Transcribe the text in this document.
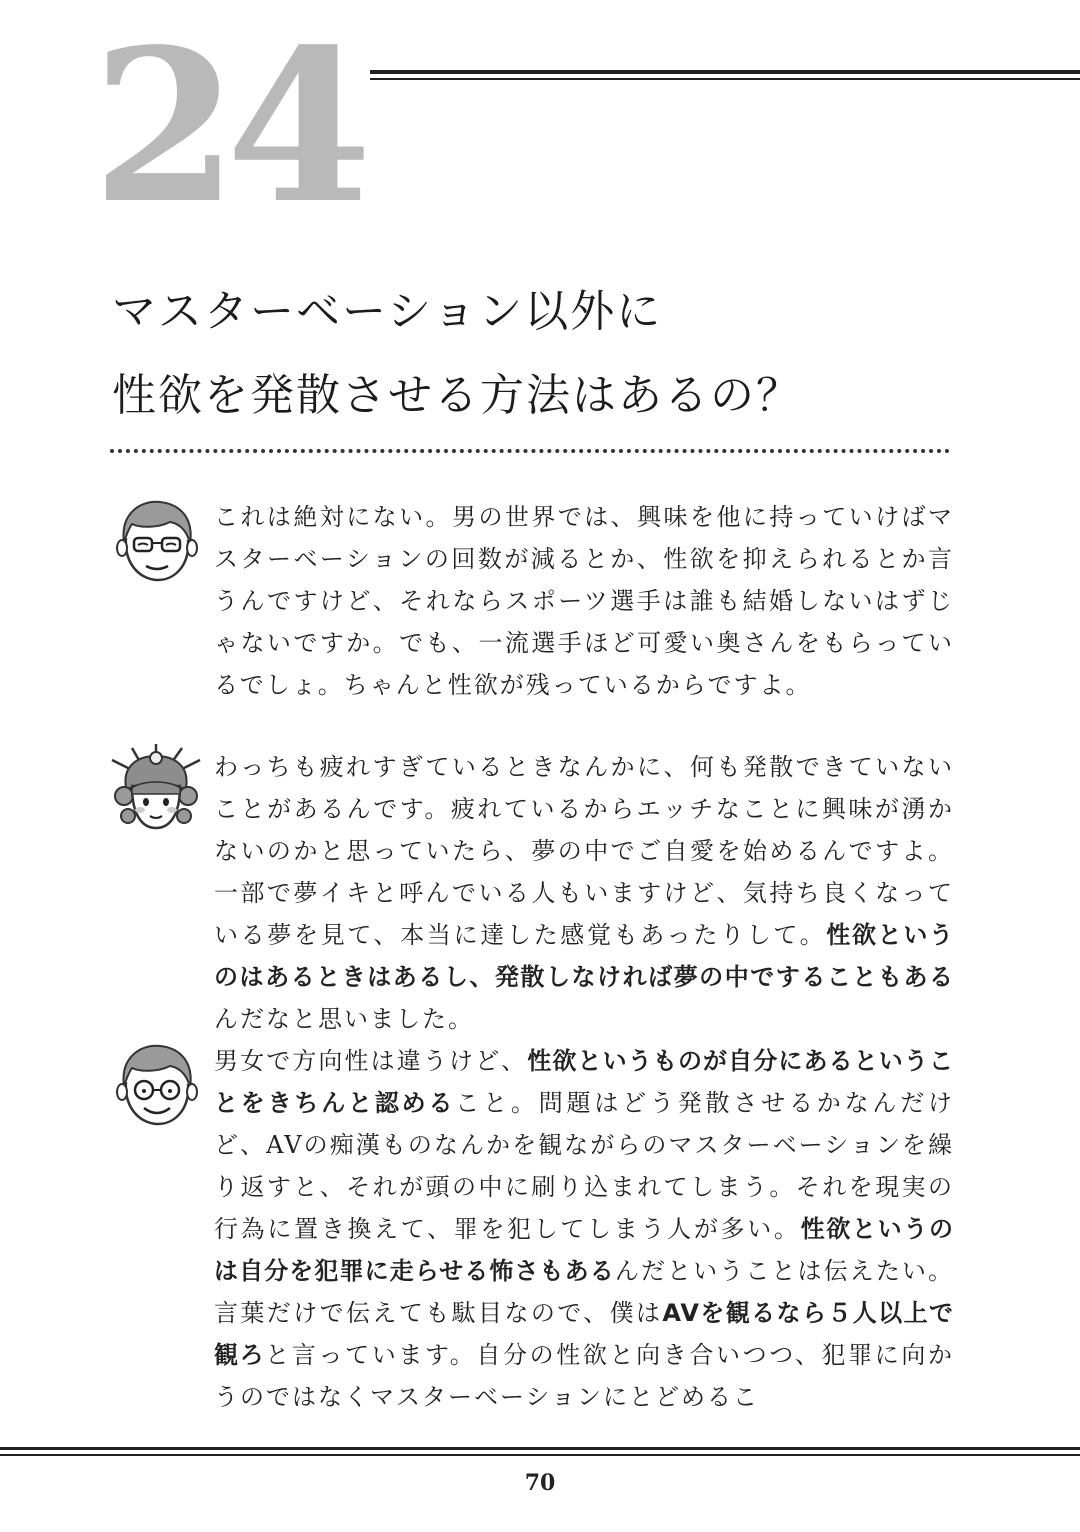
24
マスターベーション以外に
性欲を発散させる方法はあるの？

これは絶対にない。男の世界では、興味を他に持っていけばマスターベーションの回数が減るとか、性欲を抑えられるとか言うんですけど、それならスポーツ選手は誰も結婚しないはずじゃないですか。でも、一流選手ほど可愛い奥さんをもらっているでしょ。ちゃんと性欲が残っているからですよ。

わっちも疲れすぎているときなんかに、何も発散できていないことがあるんです。疲れているからエッチなことに興味が湧かないのかと思っていたら、夢の中でご自愛を始めるんですよ。一部で夢イキと呼んでいる人もいますけど、気持ち良くなっている夢を見て、本当に達した感覚もあったりして。性欲というのはあるときはあるし、発散しなければ夢の中ですることもあるんだなと思いました。

男女で方向性は違うけど、性欲というものが自分にあるということをきちんと認めること。問題はどう発散させるかなんだけど、AVの痴漢ものなんかを観ながらのマスターベーションを繰り返すと、それが頭の中に刷り込まれてしまう。それを現実の行為に置き換えて、罪を犯してしまう人が多い。性欲というのは自分を犯罪に走らせる怖さもあるんだということは伝えたい。言葉だけで伝えても駄目なので、僕はAVを観るなら５人以上で観ろと言っています。自分の性欲と向き合いつつ、犯罪に向かうのではなくマスターベーションにとどめるこ

70
